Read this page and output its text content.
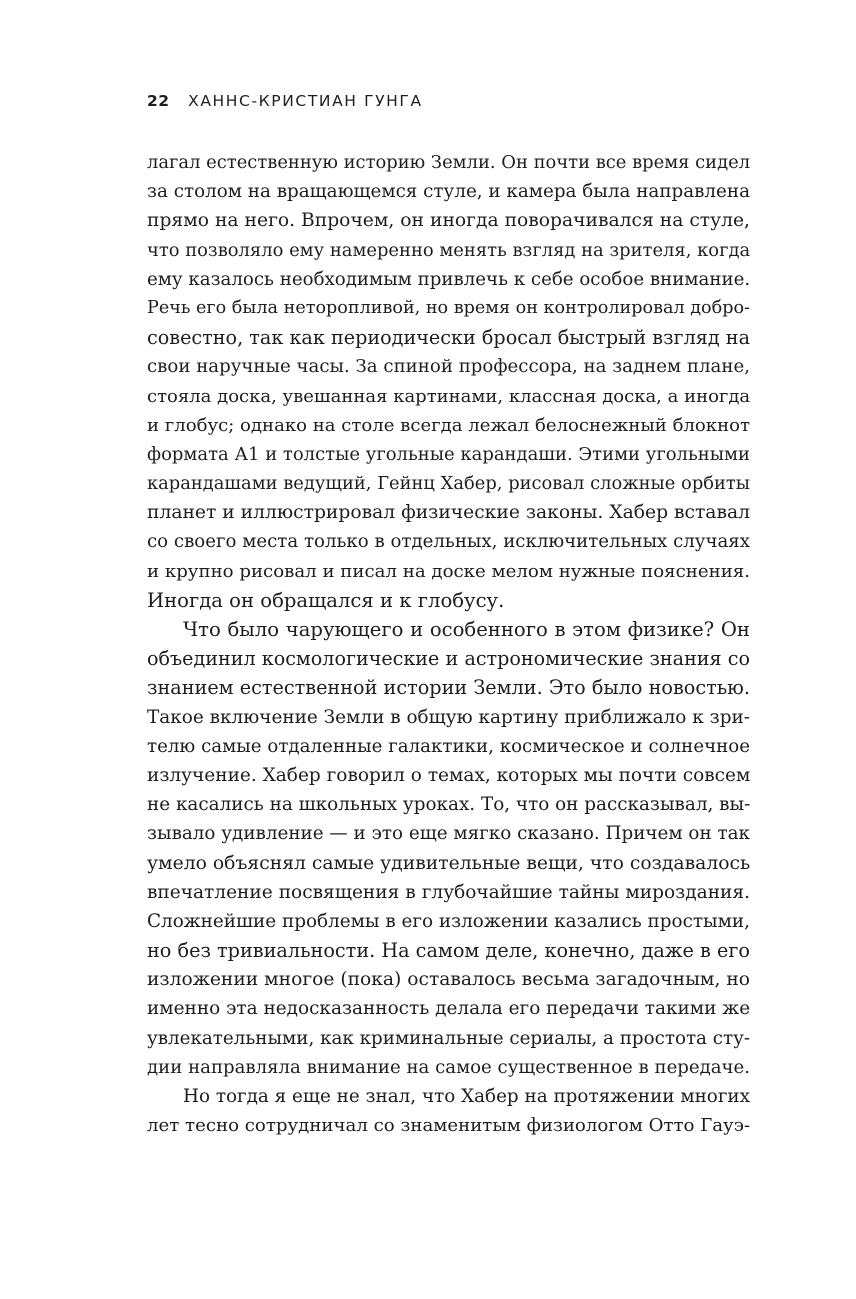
22 ХАННС-КРИСТИАН ГУНГА
лагал естественную историю Земли. Он почти все время сидел
за столом на вращающемся стуле, и камера была направлена
прямо на него. Впрочем, он иногда поворачивался на стуле,
что позволяло ему намеренно менять взгляд на зрителя, когда
ему казалось необходимым привлечь к себе особое внимание.
Речь его была неторопливой, но время он контролировал добро-
совестно, так как периодически бросал быстрый взгляд на
свои наручные часы. За спиной профессора, на заднем плане,
стояла доска, увешанная картинами, классная доска, а иногда
и глобус; однако на столе всегда лежал белоснежный блокнот
формата А1 и толстые угольные карандаши. Этими угольными
карандашами ведущий, Гейнц Хабер, рисовал сложные орбиты
планет и иллюстрировал физические законы. Хабер вставал
со своего места только в отдельных, исключительных случаях
и крупно рисовал и писал на доске мелом нужные пояснения.
Иногда он обращался и к глобусу.
Что было чарующего и особенного в этом физике? Он
объединил космологические и астрономические знания со
знанием естественной истории Земли. Это было новостью.
Такое включение Земли в общую картину приближало к зри-
телю самые отдаленные галактики, космическое и солнечное
излучение. Хабер говорил о темах, которых мы почти совсем
не касались на школьных уроках. То, что он рассказывал, вы-
зывало удивление — и это еще мягко сказано. Причем он так
умело объяснял самые удивительные вещи, что создавалось
впечатление посвящения в глубочайшие тайны мироздания.
Сложнейшие проблемы в его изложении казались простыми,
но без тривиальности. На самом деле, конечно, даже в его
изложении многое (пока) оставалось весьма загадочным, но
именно эта недосказанность делала его передачи такими же
увлекательными, как криминальные сериалы, а простота сту-
дии направляла внимание на самое существенное в передаче.
Но тогда я еще не знал, что Хабер на протяжении многих
лет тесно сотрудничал со знаменитым физиологом Отто Гауэ-
